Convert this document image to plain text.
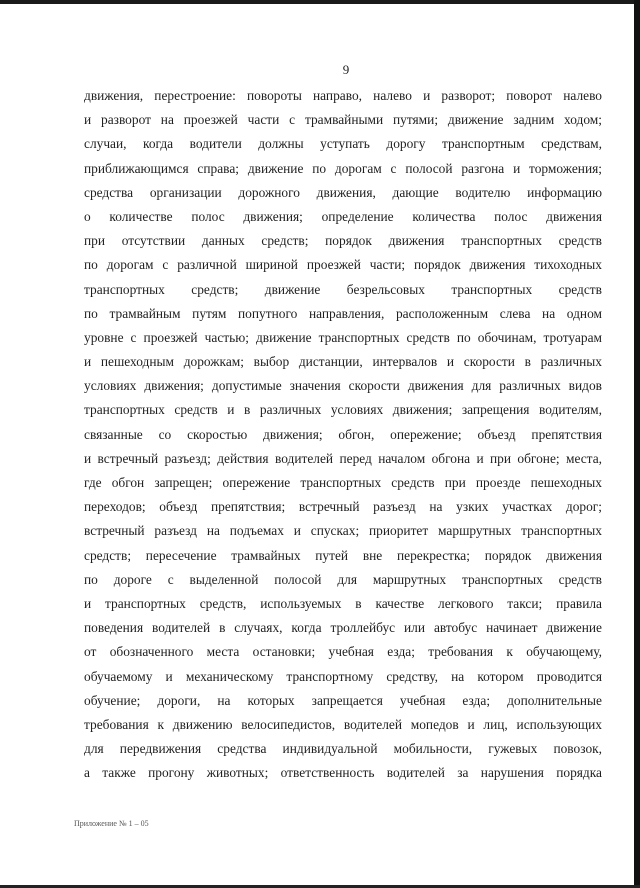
9
движения, перестроение: повороты направо, налево и разворот; поворот налево
и разворот на проезжей части с трамвайными путями; движение задним ходом;
случаи, когда водители должны уступать дорогу транспортным средствам,
приближающимся справа; движение по дорогам с полосой разгона и торможения;
средства организации дорожного движения, дающие водителю информацию
о количестве полос движения; определение количества полос движения
при отсутствии данных средств; порядок движения транспортных средств
по дорогам с различной шириной проезжей части; порядок движения тихоходных
транспортных средств; движение безрельсовых транспортных средств
по трамвайным путям попутного направления, расположенным слева на одном
уровне с проезжей частью; движение транспортных средств по обочинам, тротуарам
и пешеходным дорожкам; выбор дистанции, интервалов и скорости в различных
условиях движения; допустимые значения скорости движения для различных видов
транспортных средств и в различных условиях движения; запрещения водителям,
связанные со скоростью движения; обгон, опережение; объезд препятствия
и встречный разъезд; действия водителей перед началом обгона и при обгоне; места,
где обгон запрещен; опережение транспортных средств при проезде пешеходных
переходов; объезд препятствия; встречный разъезд на узких участках дорог;
встречный разъезд на подъемах и спусках; приоритет маршрутных транспортных
средств; пересечение трамвайных путей вне перекрестка; порядок движения
по дороге с выделенной полосой для маршрутных транспортных средств
и транспортных средств, используемых в качестве легкового такси; правила
поведения водителей в случаях, когда троллейбус или автобус начинает движение
от обозначенного места остановки; учебная езда; требования к обучающему,
обучаемому и механическому транспортному средству, на котором проводится
обучение; дороги, на которых запрещается учебная езда; дополнительные
требования к движению велосипедистов, водителей мопедов и лиц, использующих
для передвижения средства индивидуальной мобильности, гужевых повозок,
а также прогону животных; ответственность водителей за нарушения порядка
Приложение № 1 – 05
